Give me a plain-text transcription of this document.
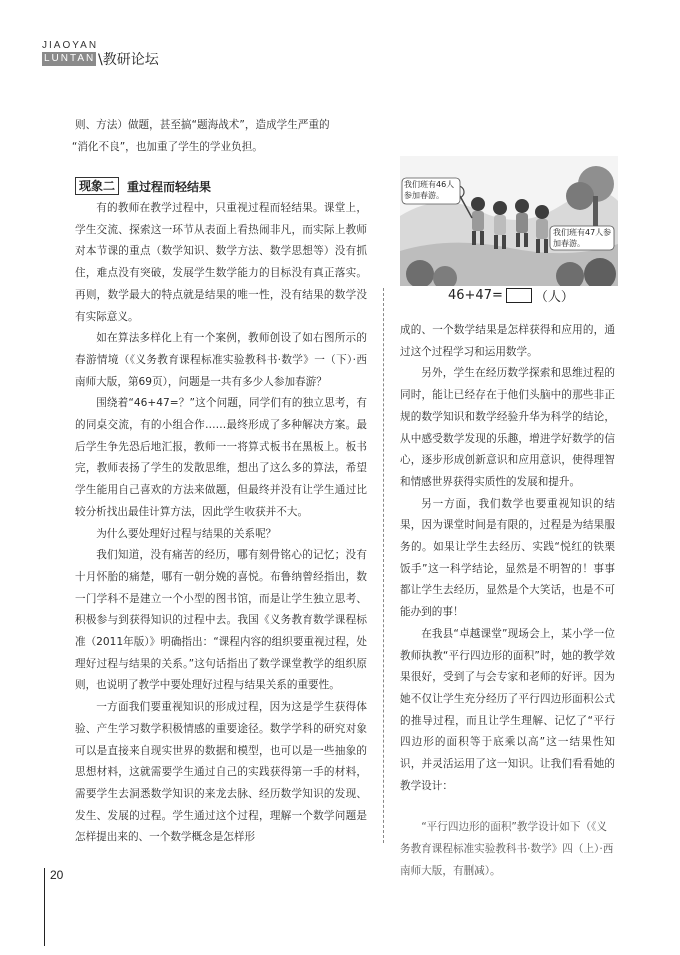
JIAOYAN
LUNTAN \教研论坛

则、方法）做题，甚至搞“题海战术”，造成学生严重的

“消化不良”，也加重了学生的学业负担。

现象二	重过程而轻结果

有的教师在教学过程中，只重视过程而轻结果。课堂上，学生交流、探索这一环节从表面上看热闹非凡，而实际上教师对本节课的重点（数学知识、数学方法、数学思想等）没有抓住，难点没有突破，发展学生数学能力的目标没有真正落实。再则，数学最大的特点就是结果的唯一性，没有结果的数学没有实际意义。

如在算法多样化上有一个案例，教师创设了如右图所示的春游情境（《义务教育课程标准实验教科书·数学》一（下）·西南师大版，第69页），问题是一共有多少人参加春游？

围绕着“46+47=？”这个问题，同学们有的独立思考，有的同桌交流，有的小组合作……最终形成了多种解决方案。最后学生争先恐后地汇报，教师一一将算式板书在黑板上。板书完，教师表扬了学生的发散思维，想出了这么多的算法，希望学生能用自己喜欢的方法来做题，但最终并没有让学生通过比较分析找出最佳计算方法，因此学生收获并不大。

为什么要处理好过程与结果的关系呢？

我们知道，没有痛苦的经历，哪有刻骨铭心的记忆；没有十月怀胎的痛楚，哪有一朝分娩的喜悦。布鲁纳曾经指出，数一门学科不是建立一个小型的图书馆，而是让学生独立思考、积极参与到获得知识的过程中去。我国《义务教育数学课程标准（2011年版）》明确指出：“课程内容的组织要重视过程，处理好过程与结果的关系。”这句话指出了数学课堂教学的组织原则，也说明了教学中要处理好过程与结果关系的重要性。

一方面我们要重视知识的形成过程，因为这是学生获得体验、产生学习数学积极情感的重要途径。数学学科的研究对象可以是直接来自现实世界的数据和模型，也可以是一些抽象的思想材料，这就需要学生通过自己的实践获得第一手的材料，需要学生去洞悉数学知识的来龙去脉、经历数学知识的发现、发生、发展的过程。学生通过这个过程，理解一个数学问题是怎样提出来的、一个数学概念是怎样形

我们班有46人参加春游。
我们班有47人参加春游。
46+47= （人）

成的、一个数学结果是怎样获得和应用的，通过这个过程学习和运用数学。

另外，学生在经历数学探索和思维过程的同时，能让已经存在于他们头脑中的那些非正规的数学知识和数学经验升华为科学的结论，从中感受数学发现的乐趣，增进学好数学的信心，逐步形成创新意识和应用意识，使得理智和情感世界获得实质性的发展和提升。

另一方面，我们数学也要重视知识的结果，因为课堂时间是有限的，过程是为结果服务的。如果让学生去经历、实践“悦红的铁栗饭手”这一科学结论，显然是不明智的！事事都让学生去经历，显然是个大笑话，也是不可能办到的事！

在我县“卓越课堂”现场会上，某小学一位教师执教“平行四边形的面积”时，她的教学效果很好，受到了与会专家和老师的好评。因为她不仅让学生充分经历了平行四边形面积公式的推导过程，而且让学生理解、记忆了“平行四边形的面积等于底乘以高”这一结果性知识，并灵活运用了这一知识。让我们看看她的教学设计：

“平行四边形的面积”教学设计如下（《义务教育课程标准实验教科书·数学》四（上）·西南师大版，有删减）。
20
